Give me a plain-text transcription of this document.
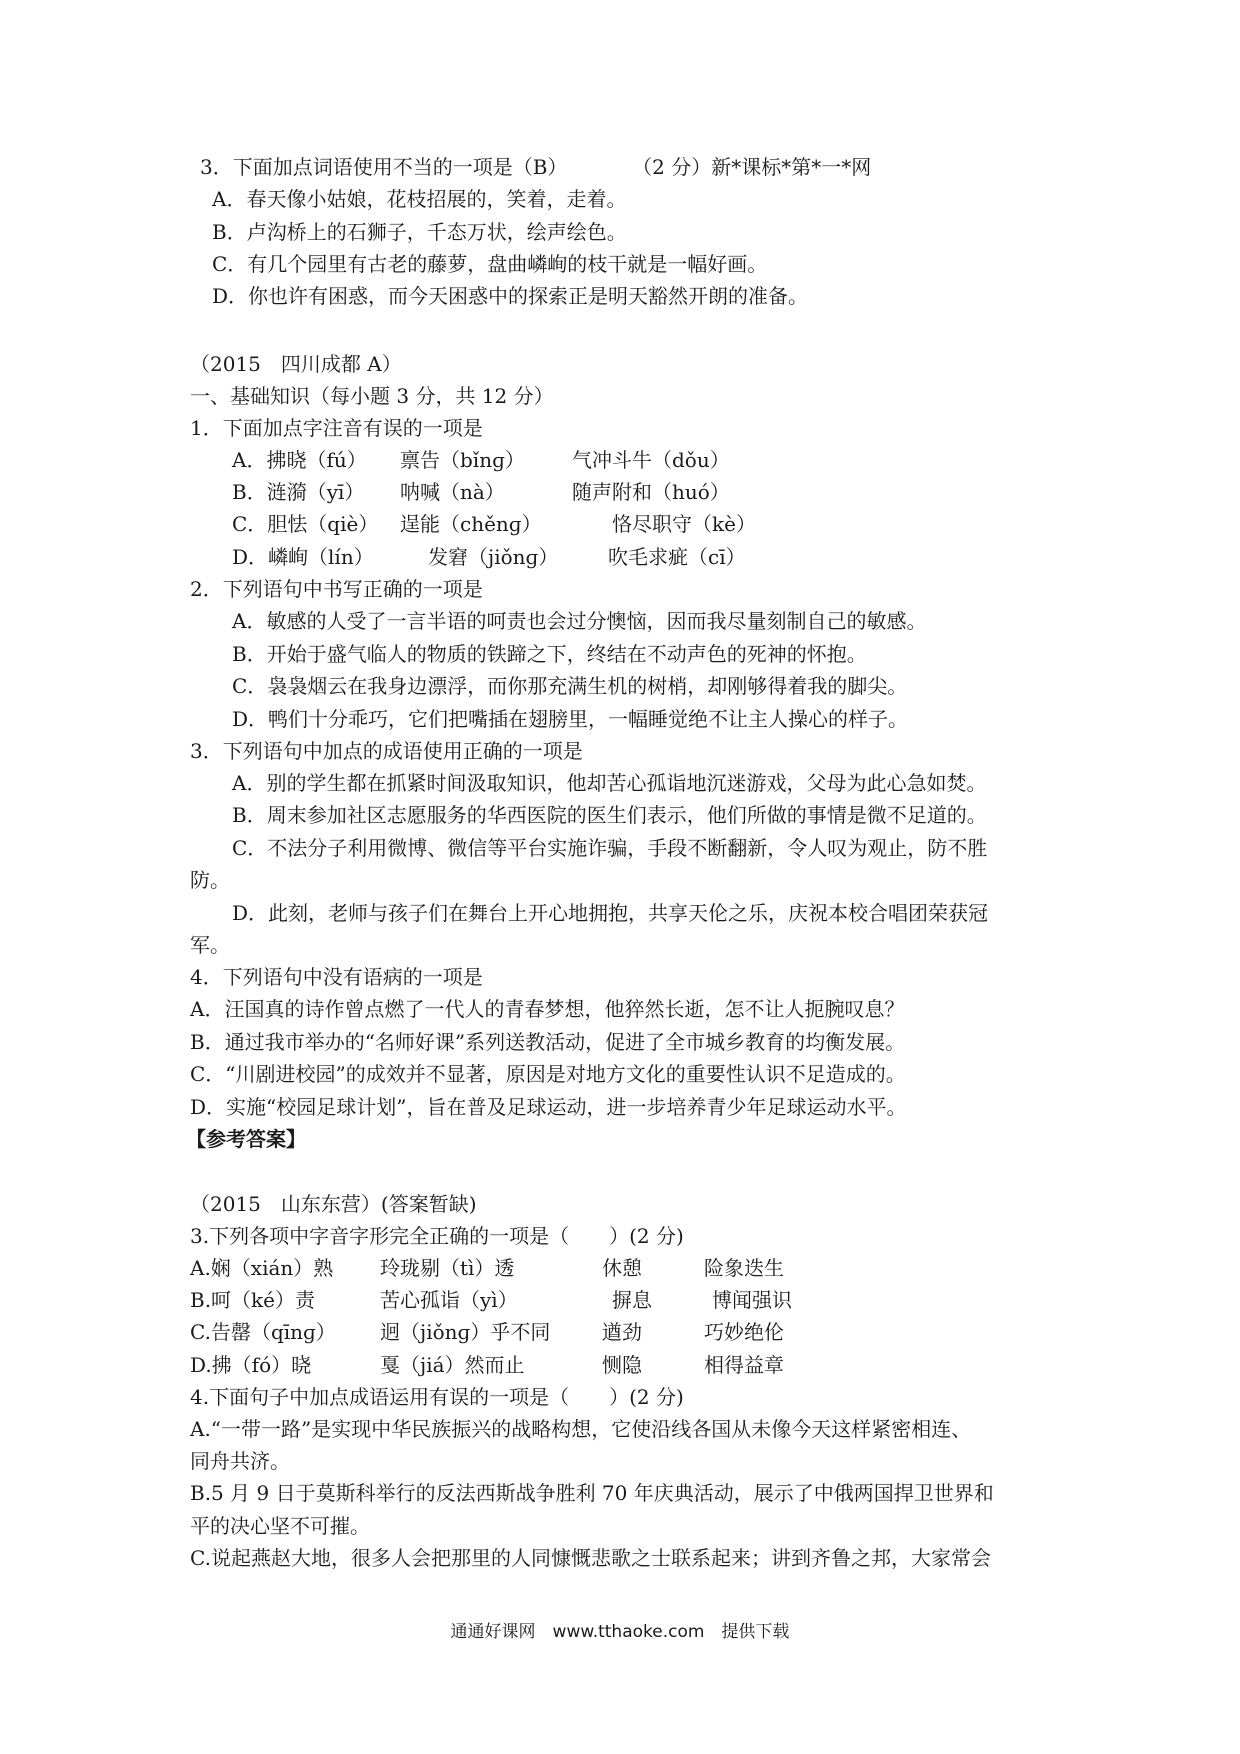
3．下面加点词语使用不当的一项是（B）	（2 分）新*课标*第*一*网
A．春天像小姑娘，花枝招展的，笑着，走着。
B．卢沟桥上的石狮子，千态万状，绘声绘色。
C．有几个园里有古老的藤萝，盘曲嶙峋的枝干就是一幅好画。
D．你也许有困惑，而今天困惑中的探索正是明天豁然开朗的准备。
（2015　四川成都 A）
一、基础知识（每小题 3 分，共 12 分）
1．下面加点字注音有误的一项是
A．拂晓（fú） 禀告（bǐnɡ） 气冲斗牛（dǒu）
B．涟漪（yī） 呐喊（nà）	随声附和（huó）
C．胆怯（qiè） 逞能（chěnɡ）	恪尽职守（kè）
D．嶙峋（lín）	发窘（jiǒnɡ） 吹毛求疵（cī）
2．下列语句中书写正确的一项是
A．敏感的人受了一言半语的呵责也会过分懊恼，因而我尽量刻制自己的敏感。
B．开始于盛气临人的物质的铁蹄之下，终结在不动声色的死神的怀抱。
C．袅袅烟云在我身边漂浮，而你那充满生机的树梢，却刚够得着我的脚尖。
D．鸭们十分乖巧，它们把嘴插在翅膀里，一幅睡觉绝不让主人操心的样子。
3．下列语句中加点的成语使用正确的一项是
A．别的学生都在抓紧时间汲取知识，他却苦心孤诣地沉迷游戏，父母为此心急如焚。
B．周末参加社区志愿服务的华西医院的医生们表示，他们所做的事情是微不足道的。
C．不法分子利用微博、微信等平台实施诈骗，手段不断翻新，令人叹为观止，防不胜
防。
D．此刻，老师与孩子们在舞台上开心地拥抱，共享天伦之乐，庆祝本校合唱团荣获冠
军。
4．下列语句中没有语病的一项是
A．汪国真的诗作曾点燃了一代人的青春梦想，他猝然长逝，怎不让人扼腕叹息？
B．通过我市举办的“名师好课”系列送教活动，促进了全市城乡教育的均衡发展。
C．“川剧进校园”的成效并不显著，原因是对地方文化的重要性认识不足造成的。
D．实施“校园足球计划”，旨在普及足球运动，进一步培养青少年足球运动水平。
【参考答案】
（2015　山东东营）(答案暂缺)
3.下列各项中字音字形完全正确的一项是（　　）(2 分)
A.娴（xián）熟 玲珑剔（tì）透	休憩	险象迭生
B.呵（ké）责	苦心孤诣（yì）	摒息	博闻强识
C.告罄（qīnɡ） 迥（jiǒnɡ）乎不同	遒劲	巧妙绝伦
D.拂（fó）晓	戛（jiá）然而止	恻隐	相得益章
4.下面句子中加点成语运用有误的一项是（　　）(2 分)
A.“一带一路”是实现中华民族振兴的战略构想，它使沿线各国从未像今天这样紧密相连、
同舟共济。
B.5 月 9 日于莫斯科举行的反法西斯战争胜利 70 年庆典活动，展示了中俄两国捍卫世界和
平的决心坚不可摧。
C.说起燕赵大地，很多人会把那里的人同慷慨悲歌之士联系起来；讲到齐鲁之邦，大家常会
通通好课网　www.tthaoke.com　提供下载
